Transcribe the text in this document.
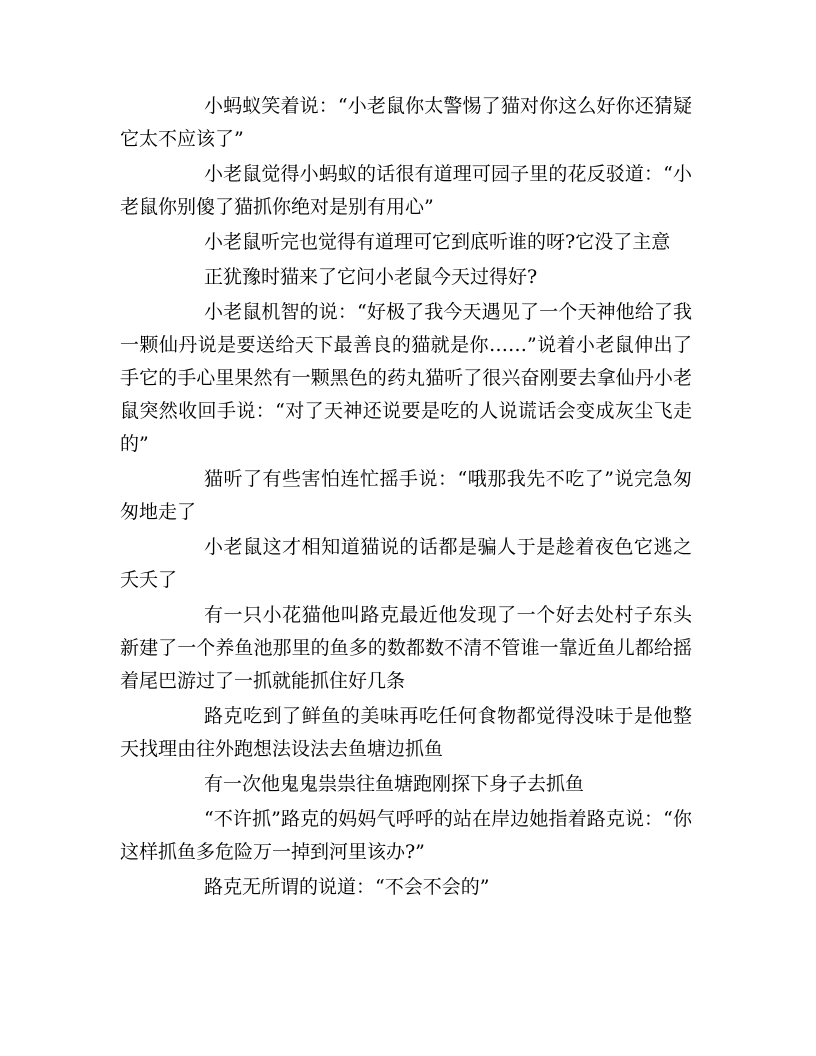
小蚂蚁笑着说：“小老鼠你太警惕了猫对你这么好你还猜疑它太不应该了”

小老鼠觉得小蚂蚁的话很有道理可园子里的花反驳道：“小老鼠你别傻了猫抓你绝对是别有用心”

小老鼠听完也觉得有道理可它到底听谁的呀?它没了主意

正犹豫时猫来了它问小老鼠今天过得好?

小老鼠机智的说：“好极了我今天遇见了一个天神他给了我一颗仙丹说是要送给天下最善良的猫就是你……”说着小老鼠伸出了手它的手心里果然有一颗黑色的药丸猫听了很兴奋刚要去拿仙丹小老鼠突然收回手说：“对了天神还说要是吃的人说谎话会变成灰尘飞走的”

猫听了有些害怕连忙摇手说：“哦那我先不吃了”说完急匆匆地走了

小老鼠这才相知道猫说的话都是骗人于是趁着夜色它逃之夭夭了

有一只小花猫他叫路克最近他发现了一个好去处村子东头新建了一个养鱼池那里的鱼多的数都数不清不管谁一靠近鱼儿都给摇着尾巴游过了一抓就能抓住好几条

路克吃到了鲜鱼的美味再吃任何食物都觉得没味于是他整天找理由往外跑想法设法去鱼塘边抓鱼

有一次他鬼鬼祟祟往鱼塘跑刚探下身子去抓鱼

“不许抓”路克的妈妈气呼呼的站在岸边她指着路克说：“你这样抓鱼多危险万一掉到河里该办?”

路克无所谓的说道：“不会不会的”
